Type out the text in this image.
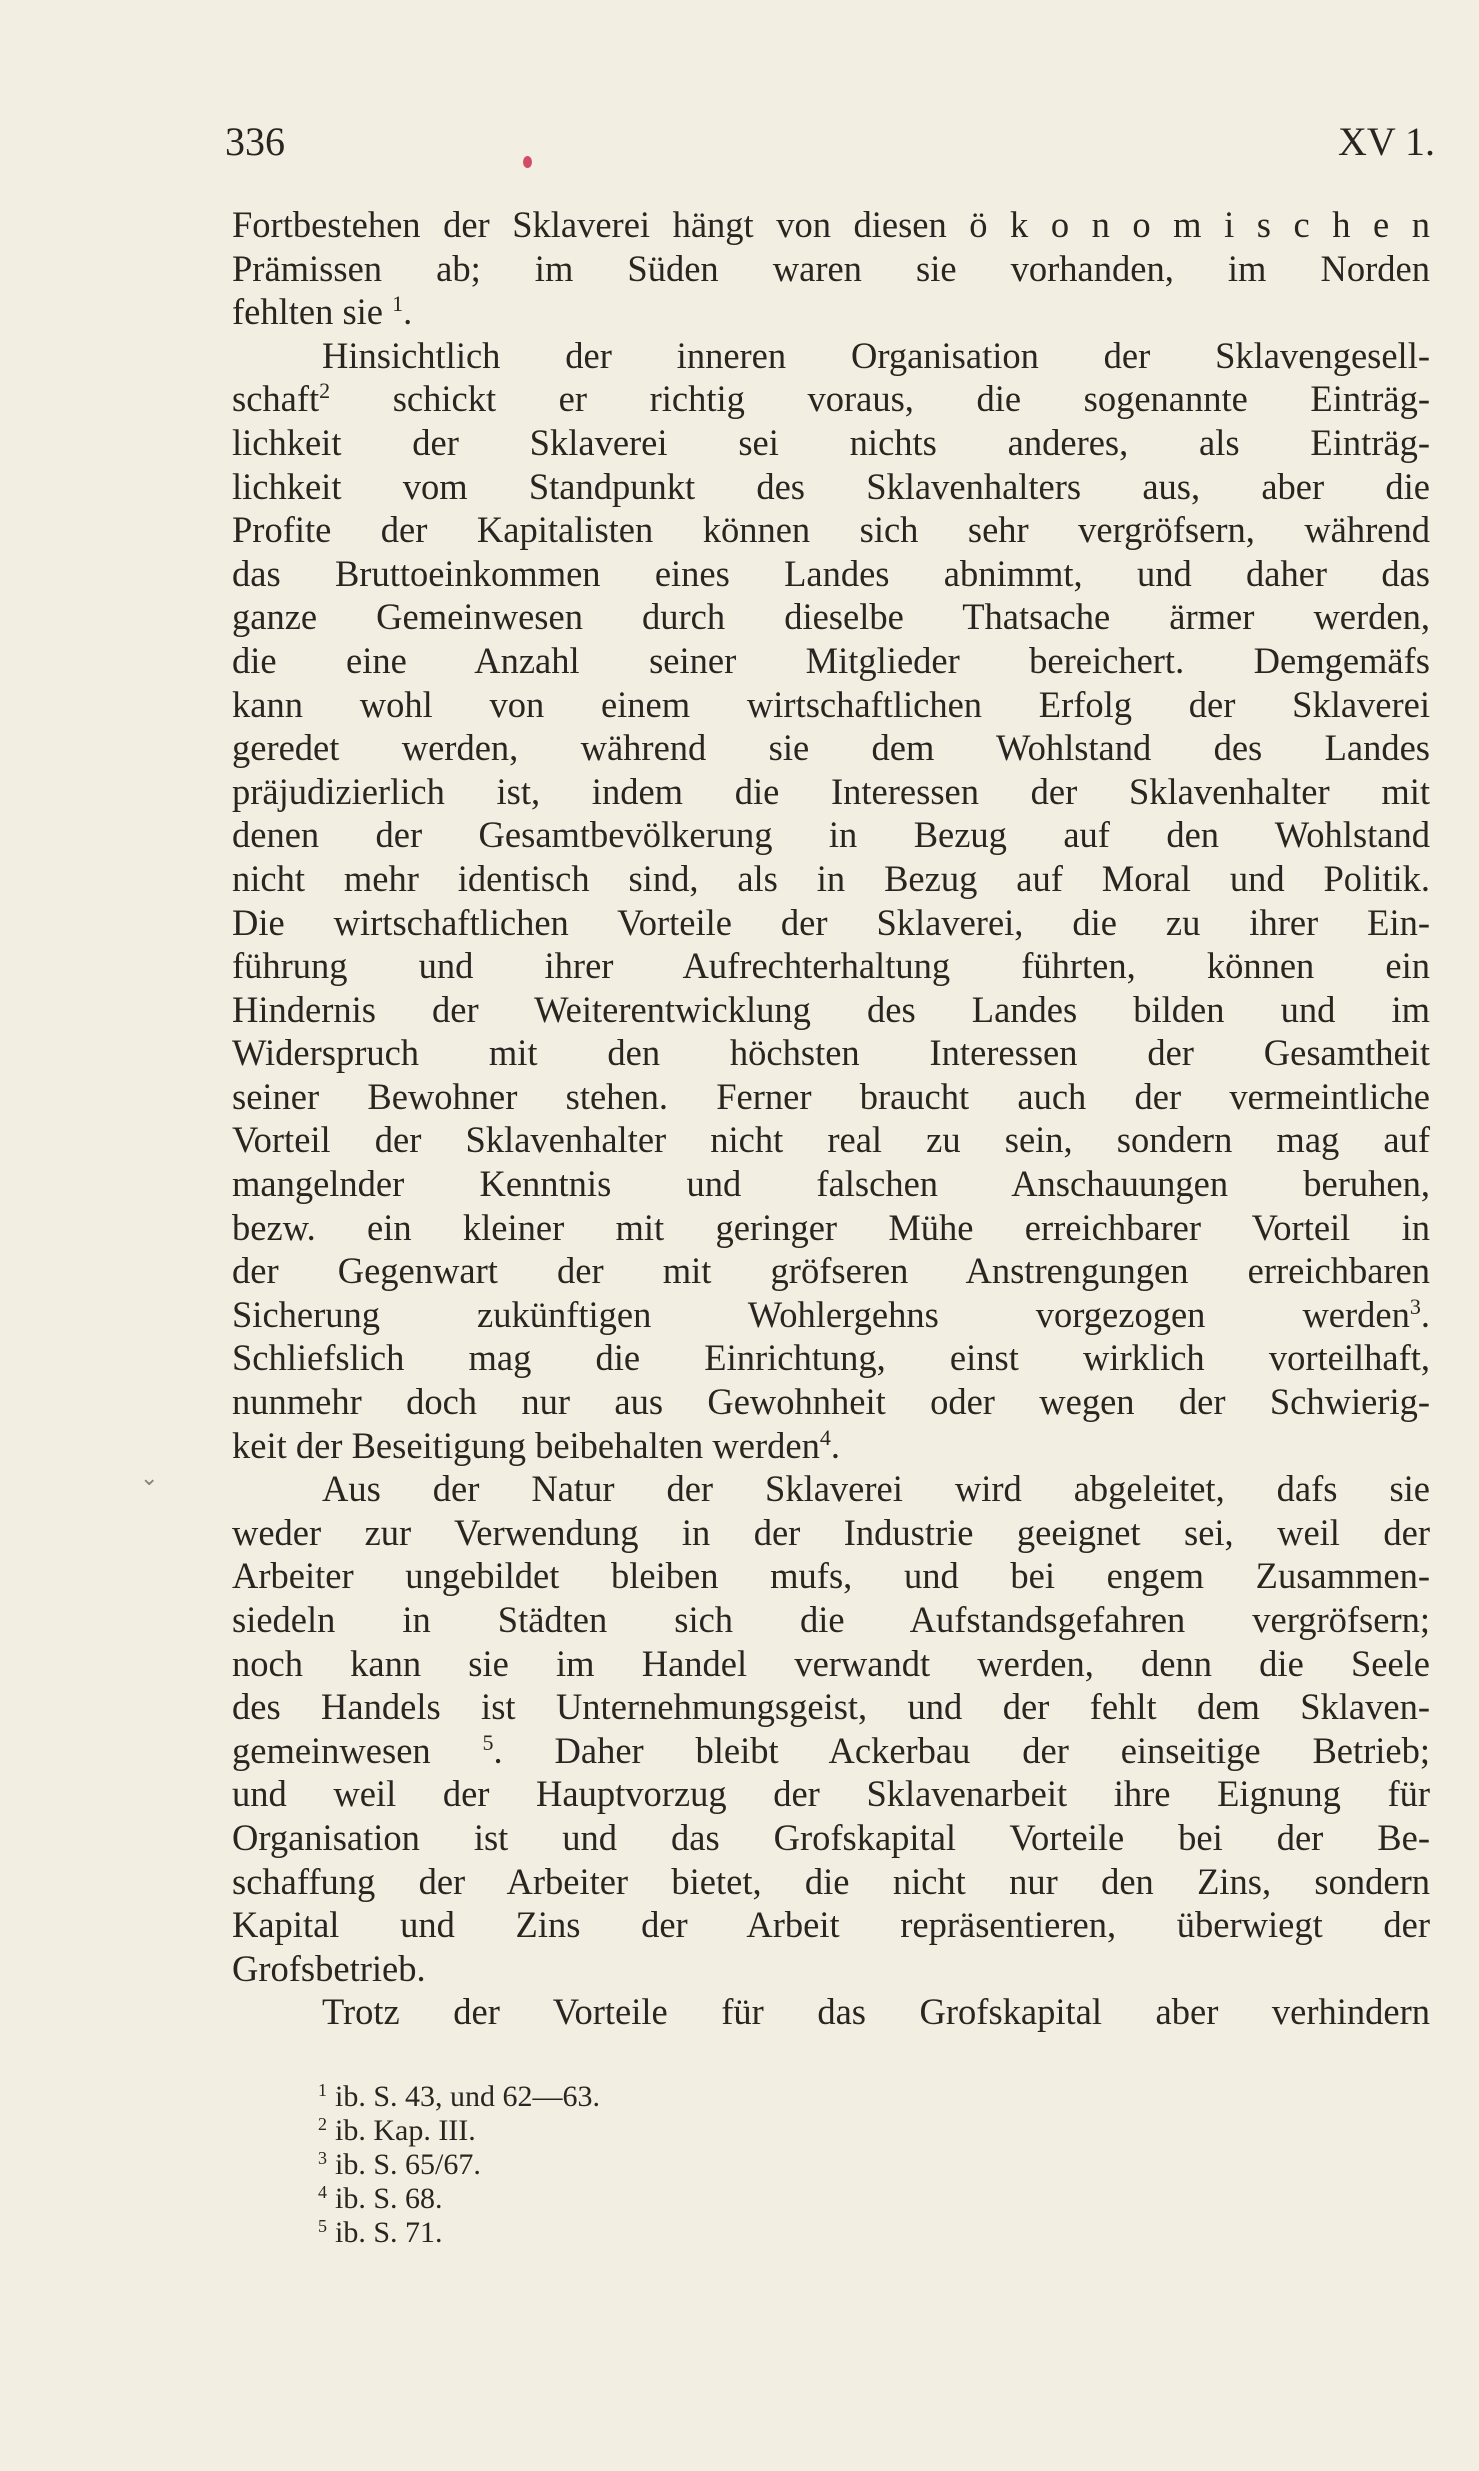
336	XV 1.
⌄
Fortbestehen der Sklaverei hängt von diesen ö k o n o m i s c h e n
Prämissen ab; im Süden waren sie vorhanden, im Norden
fehlten sie $^1$.
Hinsichtlich der inneren Organisation der Sklavengesell-
schaft$^2$ schickt er richtig voraus, die sogenannte Einträg-
lichkeit der Sklaverei sei nichts anderes, als Einträg-
lichkeit vom Standpunkt des Sklavenhalters aus, aber die
Profite der Kapitalisten können sich sehr vergröfsern, während
das Bruttoeinkommen eines Landes abnimmt, und daher das
ganze Gemeinwesen durch dieselbe Thatsache ärmer werden,
die eine Anzahl seiner Mitglieder bereichert. Demgemäfs
kann wohl von einem wirtschaftlichen Erfolg der Sklaverei
geredet werden, während sie dem Wohlstand des Landes
präjudizierlich ist, indem die Interessen der Sklavenhalter mit
denen der Gesamtbevölkerung in Bezug auf den Wohlstand
nicht mehr identisch sind, als in Bezug auf Moral und Politik.
Die wirtschaftlichen Vorteile der Sklaverei, die zu ihrer Ein-
führung und ihrer Aufrechterhaltung führten, können ein
Hindernis der Weiterentwicklung des Landes bilden und im
Widerspruch mit den höchsten Interessen der Gesamtheit
seiner Bewohner stehen. Ferner braucht auch der vermeintliche
Vorteil der Sklavenhalter nicht real zu sein, sondern mag auf
mangelnder Kenntnis und falschen Anschauungen beruhen,
bezw. ein kleiner mit geringer Mühe erreichbarer Vorteil in
der Gegenwart der mit gröfseren Anstrengungen erreichbaren
Sicherung zukünftigen Wohlergehns vorgezogen werden$^3$.
Schliefslich mag die Einrichtung, einst wirklich vorteilhaft,
nunmehr doch nur aus Gewohnheit oder wegen der Schwierig-
keit der Beseitigung beibehalten werden$^4$.
Aus der Natur der Sklaverei wird abgeleitet, dafs sie
weder zur Verwendung in der Industrie geeignet sei, weil der
Arbeiter ungebildet bleiben mufs, und bei engem Zusammen-
siedeln in Städten sich die Aufstandsgefahren vergröfsern;
noch kann sie im Handel verwandt werden, denn die Seele
des Handels ist Unternehmungsgeist, und der fehlt dem Sklaven-
gemeinwesen $^5$. Daher bleibt Ackerbau der einseitige Betrieb;
und weil der Hauptvorzug der Sklavenarbeit ihre Eignung für
Organisation ist und das Grofskapital Vorteile bei der Be-
schaffung der Arbeiter bietet, die nicht nur den Zins, sondern
Kapital und Zins der Arbeit repräsentieren, überwiegt der
Grofsbetrieb.
Trotz der Vorteile für das Grofskapital aber verhindern
$^1$ ib. S. 43, und 62—63.
$^2$ ib. Kap. III.
$^3$ ib. S. 65/67.
$^4$ ib. S. 68.
$^5$ ib. S. 71.
